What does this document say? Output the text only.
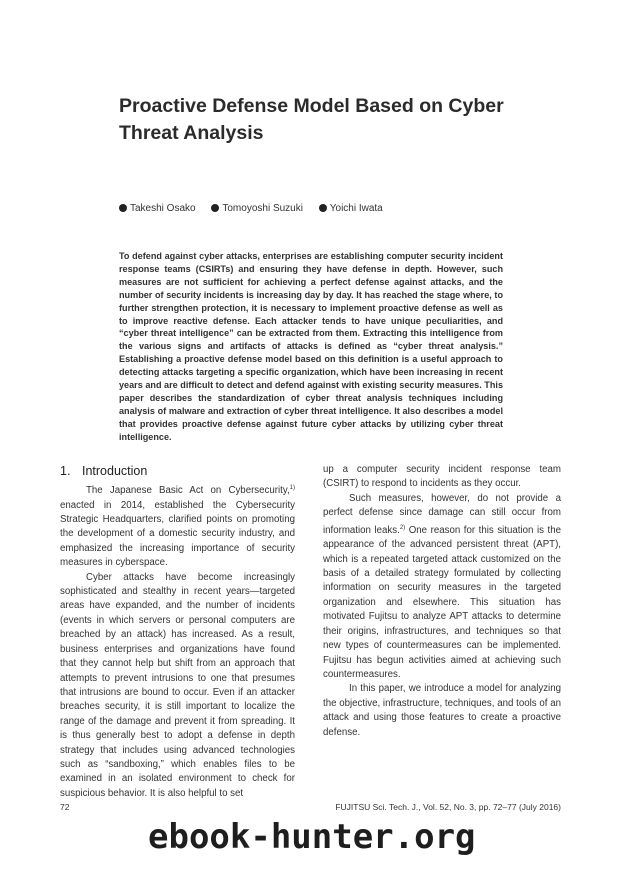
Proactive Defense Model Based on Cyber Threat Analysis
Takeshi Osako	Tomoyoshi Suzuki	Yoichi Iwata

To defend against cyber attacks, enterprises are establishing computer security incident response teams (CSIRTs) and ensuring they have defense in depth. However, such measures are not sufficient for achieving a perfect defense against attacks, and the number of security incidents is increasing day by day. It has reached the stage where, to further strengthen protection, it is necessary to implement proactive defense as well as to improve reactive defense. Each attacker tends to have unique peculiarities, and “cyber threat intelligence” can be extracted from them. Extracting this intelligence from the various signs and artifacts of attacks is defined as “cyber threat analysis.” Establishing a proactive defense model based on this definition is a useful approach to detecting attacks targeting a specific organization, which have been increasing in recent years and are difficult to detect and defend against with existing security measures. This paper describes the standardization of cyber threat analysis techniques including analysis of malware and extraction of cyber threat intelligence. It also describes a model that provides proactive defense against future cyber attacks by utilizing cyber threat intelligence.

1. Introduction

The Japanese Basic Act on Cybersecurity,$^{1)}$ enacted in 2014, established the Cybersecurity Strategic Headquarters, clarified points on promoting the development of a domestic security industry, and emphasized the increasing importance of security measures in cyberspace.

Cyber attacks have become increasingly sophisticated and stealthy in recent years—targeted areas have expanded, and the number of incidents (events in which servers or personal computers are breached by an attack) has increased. As a result, business enterprises and organizations have found that they cannot help but shift from an approach that attempts to prevent intrusions to one that presumes that intrusions are bound to occur. Even if an attacker breaches security, it is still important to localize the range of the damage and prevent it from spreading. It is thus generally best to adopt a defense in depth strategy that includes using advanced technologies such as “sandboxing,” which enables files to be examined in an isolated environment to check for suspicious behavior. It is also helpful to set

up a computer security incident response team (CSIRT) to respond to incidents as they occur.

Such measures, however, do not provide a perfect defense since damage can still occur from information leaks.$^{2)}$ One reason for this situation is the appearance of the advanced persistent threat (APT), which is a repeated targeted attack customized on the basis of a detailed strategy formulated by collecting information on security measures in the targeted organization and elsewhere. This situation has motivated Fujitsu to analyze APT attacks to determine their origins, infrastructures, and techniques so that new types of countermeasures can be implemented. Fujitsu has begun activities aimed at achieving such countermeasures.

In this paper, we introduce a model for analyzing the objective, infrastructure, techniques, and tools of an attack and using those features to create a proactive defense.

72	FUJITSU Sci. Tech. J., Vol. 52, No. 3, pp. 72–77 (July 2016)
ebook-hunter.org
